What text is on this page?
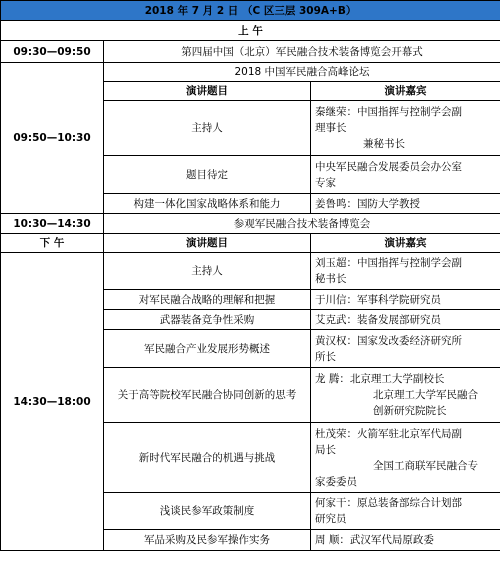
2018 年 7 月 2 日 （C 区三层 309A+B）		
上 午		
09:30—09:50	第四届中国（北京）军民融合技术装备博览会开幕式	
09:50—10:30	2018 中国军民融合高峰论坛	
	演讲题目	演讲嘉宾
	主持人	秦继荣：中国指挥与控制学会副
理事长
兼秘书长

	题目待定	中央军民融合发展委员会办公室
专家

	构建一体化国家战略体系和能力	姜鲁鸣：国防大学教授
10:30—14:30	参观军民融合技术装备博览会	
下 午	演讲题目	演讲嘉宾
14:30—18:00	主持人	刘玉超：中国指挥与控制学会副
秘书长

	对军民融合战略的理解和把握	于川信：军事科学院研究员
	武器装备竞争性采购	艾克武：装备发展部研究员
	军民融合产业发展形势概述	黄汉权：国家发改委经济研究所
所长

	关于高等院校军民融合协同创新的思考	龙 腾：北京理工大学副校长
北京理工大学军民融合
创新研究院院长

	新时代军民融合的机遇与挑战	杜茂荣：火箭军驻北京军代局副
局长
全国工商联军民融合专
家委委员

	浅谈民参军政策制度	何家干：原总装备部综合计划部
研究员

	军品采购及民参军操作实务	周 顺：武汉军代局原政委
